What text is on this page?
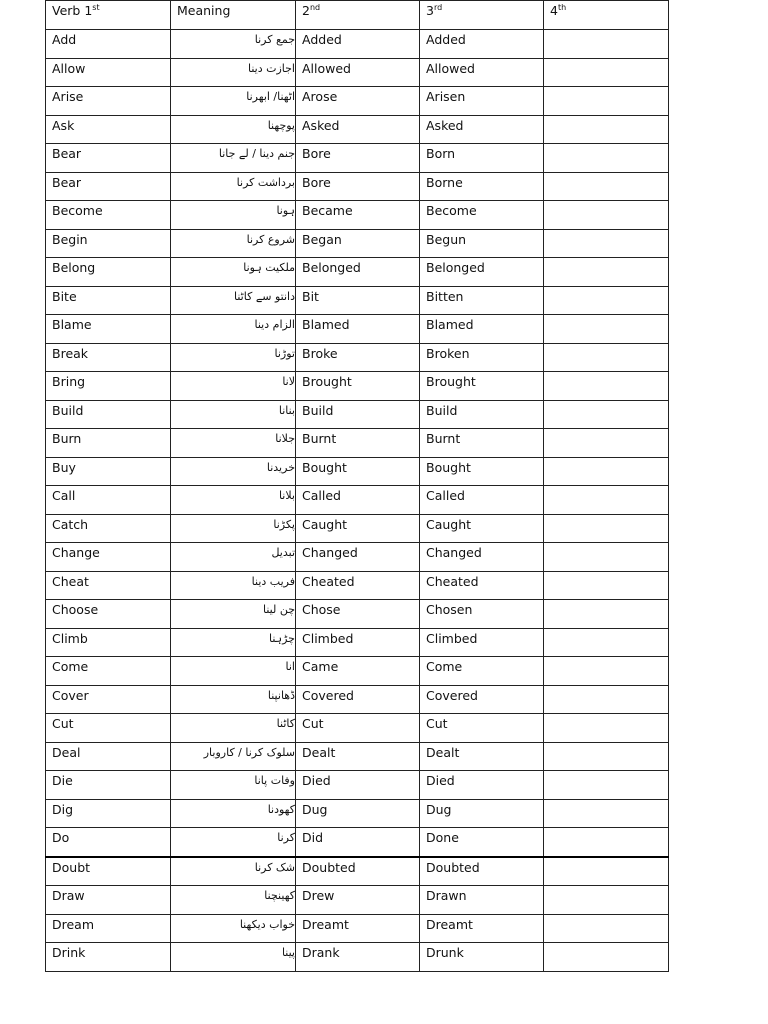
Verb 1st	Meaning	2nd	3rd	4th
Add	جمع کرنا	Added	Added	
Allow	اجازت دینا	Allowed	Allowed	
Arise	اٹھنا/ ابھرنا	Arose	Arisen	
Ask	پوچھنا	Asked	Asked	
Bear	جنم دینا / لے جانا	Bore	Born	
Bear	برداشت کرنا	Bore	Borne	
Become	ہونا	Became	Become	
Begin	شروع کرنا	Began	Begun	
Belong	ملکیت ہونا	Belonged	Belonged	
Bite	دانتو سے کاٹنا	Bit	Bitten	
Blame	الزام دینا	Blamed	Blamed	
Break	توڑنا	Broke	Broken	
Bring	لانا	Brought	Brought	
Build	بنانا	Build	Build	
Burn	جلانا	Burnt	Burnt	
Buy	خریدنا	Bought	Bought	
Call	بلانا	Called	Called	
Catch	پکڑنا	Caught	Caught	
Change	تبدیل	Changed	Changed	
Cheat	فریب دینا	Cheated	Cheated	
Choose	چن لینا	Chose	Chosen	
Climb	چڑہنا	Climbed	Climbed	
Come	انا	Came	Come	
Cover	ڈھانپنا	Covered	Covered	
Cut	کاٹنا	Cut	Cut	
Deal	سلوک کرنا / کاروبار	Dealt	Dealt	
Die	وفات پانا	Died	Died	
Dig	کھودنا	Dug	Dug	
Do	کرنا	Did	Done	
Doubt	شک کرنا	Doubted	Doubted	
Draw	کھینچنا	Drew	Drawn	
Dream	خواب دیکھنا	Dreamt	Dreamt	
Drink	پینا	Drank	Drunk	
